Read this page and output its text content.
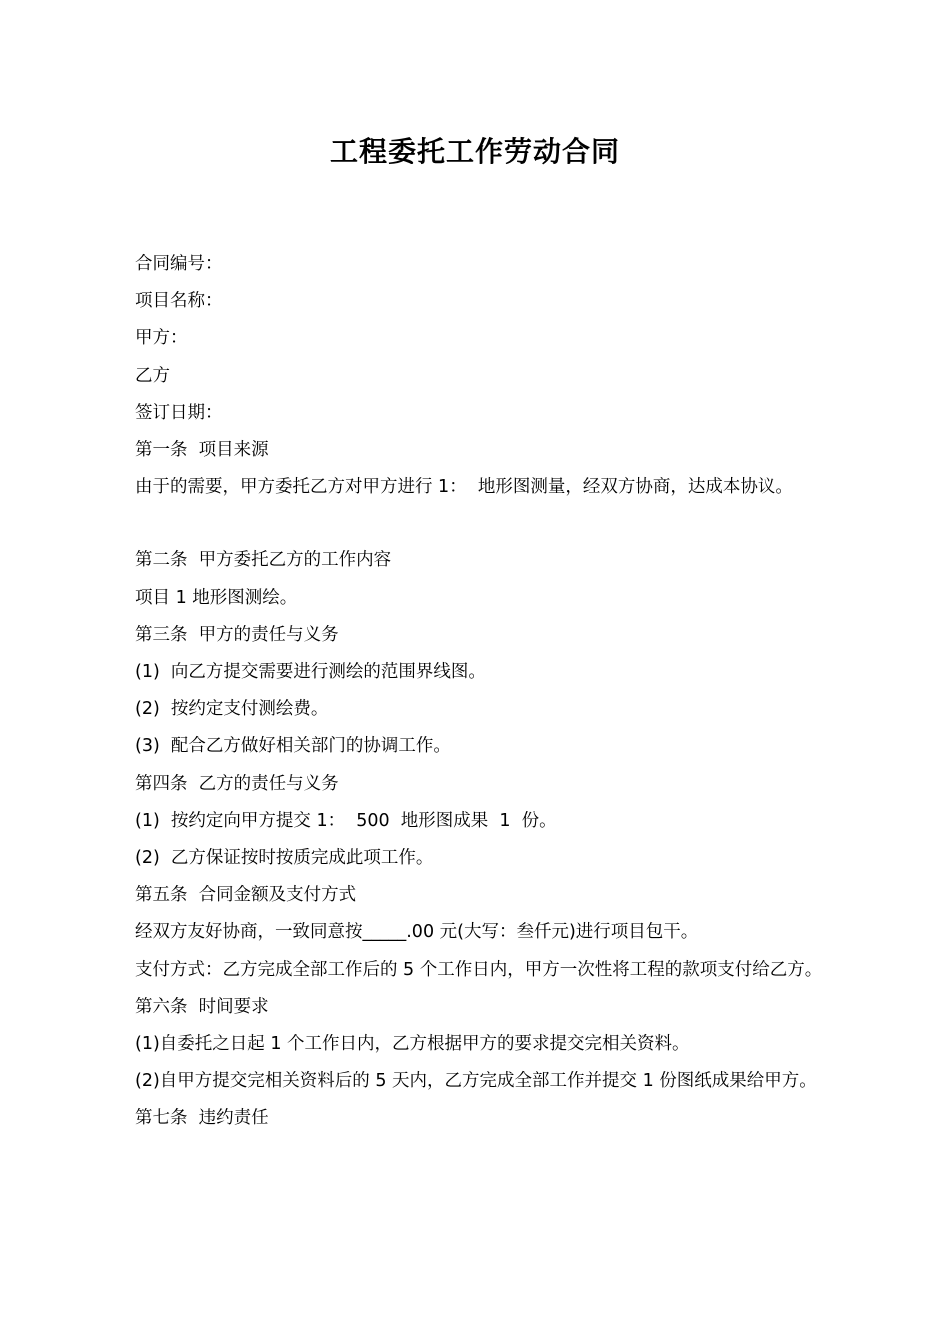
工程委托工作劳动合同

合同编号：

项目名称：

甲方：

乙方

签订日期：

第一条  项目来源

由于的需要，甲方委托乙方对甲方进行 1：  地形图测量，经双方协商，达成本协议。

第二条  甲方委托乙方的工作内容

项目 1 地形图测绘。

第三条  甲方的责任与义务

(1)  向乙方提交需要进行测绘的范围界线图。

(2)  按约定支付测绘费。

(3)  配合乙方做好相关部门的协调工作。

第四条  乙方的责任与义务

(1)  按约定向甲方提交 1：  500  地形图成果  1  份。

(2)  乙方保证按时按质完成此项工作。

第五条  合同金额及支付方式

经双方友好协商，一致同意按_____.00 元(大写：叁仟元)进行项目包干。

支付方式：乙方完成全部工作后的 5 个工作日内，甲方一次性将工程的款项支付给乙方。

第六条  时间要求

(1)自委托之日起 1 个工作日内，乙方根据甲方的要求提交完相关资料。

(2)自甲方提交完相关资料后的 5 天内，乙方完成全部工作并提交 1 份图纸成果给甲方。

第七条  违约责任
